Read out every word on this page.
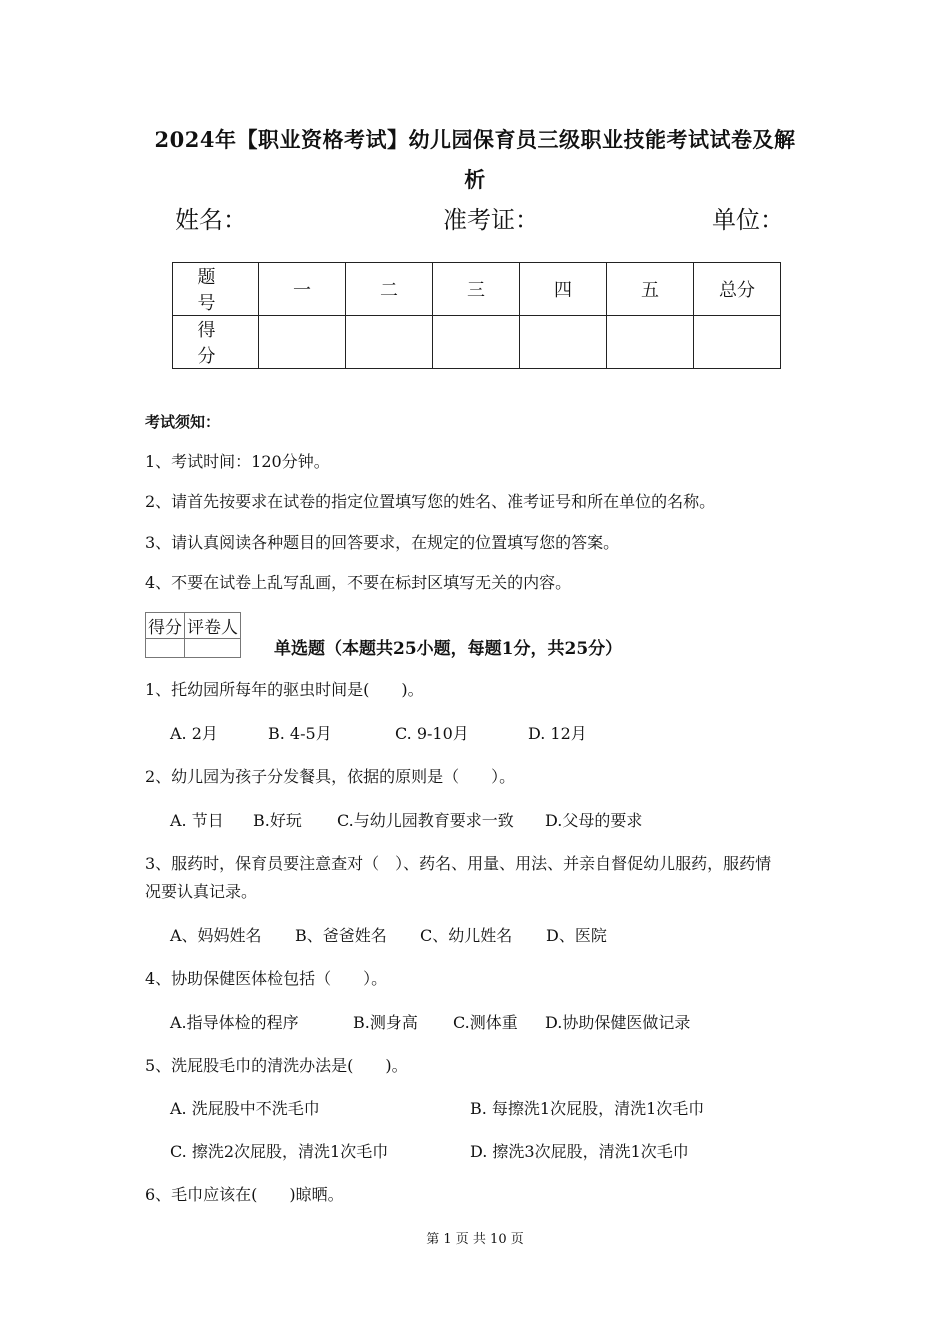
2024年【职业资格考试】幼儿园保育员三级职业技能考试试卷及解
析
姓名：	准考证：	单位：
题 号	一	二	三	四	五	总分
得 分						
考试须知：
1、考试时间：120分钟。
2、请首先按要求在试卷的指定位置填写您的姓名、准考证号和所在单位的名称。
3、请认真阅读各种题目的回答要求，在规定的位置填写您的答案。
4、不要在试卷上乱写乱画，不要在标封区填写无关的内容。
得分	评卷人

单选题（本题共25小题，每题1分，共25分）
1、托幼园所每年的驱虫时间是(　　)。
A. 2月	B. 4-5月	C. 9-10月	D. 12月
2、幼儿园为孩子分发餐具，依据的原则是（　　）。
A. 节日 B.好玩 C.与幼儿园教育要求一致 D.父母的要求
3、服药时，保育员要注意查对（　）、药名、用量、用法、并亲自督促幼儿服药，服药情
况要认真记录。
A、妈妈姓名 B、爸爸姓名 C、幼儿姓名 D、医院
4、协助保健医体检包括（　　）。
A.指导体检的程序	B.测身高 C.测体重 D.协助保健医做记录
5、洗屁股毛巾的清洗办法是(　　)。
A. 洗屁股中不洗毛巾	B. 每擦洗1次屁股，清洗1次毛巾
C. 擦洗2次屁股，清洗1次毛巾	D. 擦洗3次屁股，清洗1次毛巾
6、毛巾应该在(　　)晾晒。
第 1 页 共 10 页
